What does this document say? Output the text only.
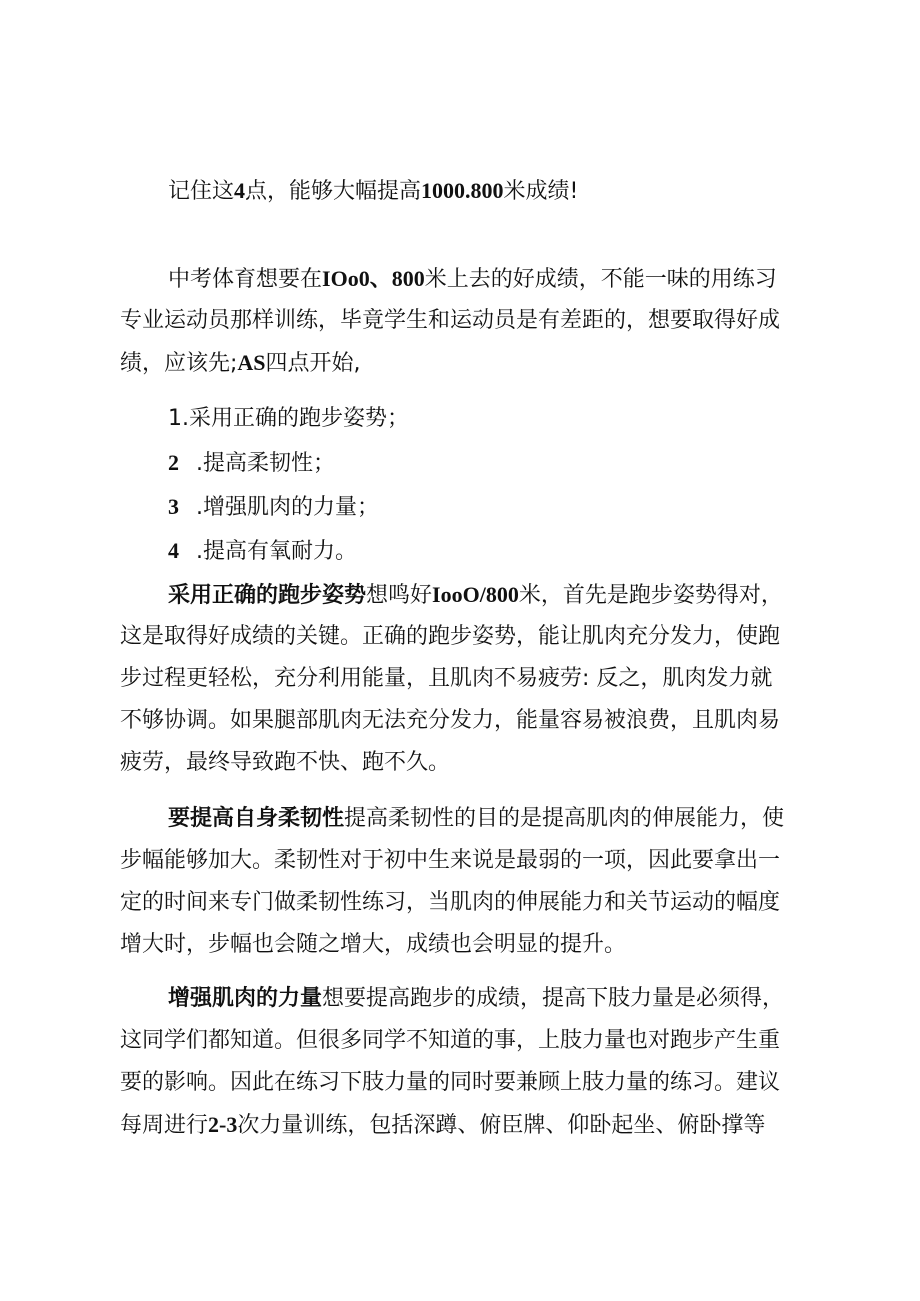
记住这4点，能够大幅提高1000.800米成绩!
中考体育想要在IOo0、800米上去的好成绩，不能一味的用练习
专业运动员那样训练，毕竟学生和运动员是有差距的，想要取得好成
绩，应该先;AS四点开始,
1.采用正确的跑步姿势；
2 .提高柔韧性；
3 .增强肌肉的力量；
4 .提高有氧耐力。
采用正确的跑步姿势想鸣好IooO/800米，首先是跑步姿势得对，
这是取得好成绩的关键。正确的跑步姿势，能让肌肉充分发力，使跑
步过程更轻松，充分利用能量，且肌肉不易疲劳: 反之，肌肉发力就
不够协调。如果腿部肌肉无法充分发力，能量容易被浪费，且肌肉易
疲劳，最终导致跑不快、跑不久。
要提高自身柔韧性提高柔韧性的目的是提高肌肉的伸展能力，使
步幅能够加大。柔韧性对于初中生来说是最弱的一项，因此要拿出一
定的时间来专门做柔韧性练习，当肌肉的伸展能力和关节运动的幅度
增大时，步幅也会随之增大，成绩也会明显的提升。
增强肌肉的力量想要提高跑步的成绩，提高下肢力量是必须得，
这同学们都知道。但很多同学不知道的事，上肢力量也对跑步产生重
要的影响。因此在练习下肢力量的同时要兼顾上肢力量的练习。建议
每周进行2-3次力量训练，包括深蹲、俯臣牌、仰卧起坐、俯卧撑等
